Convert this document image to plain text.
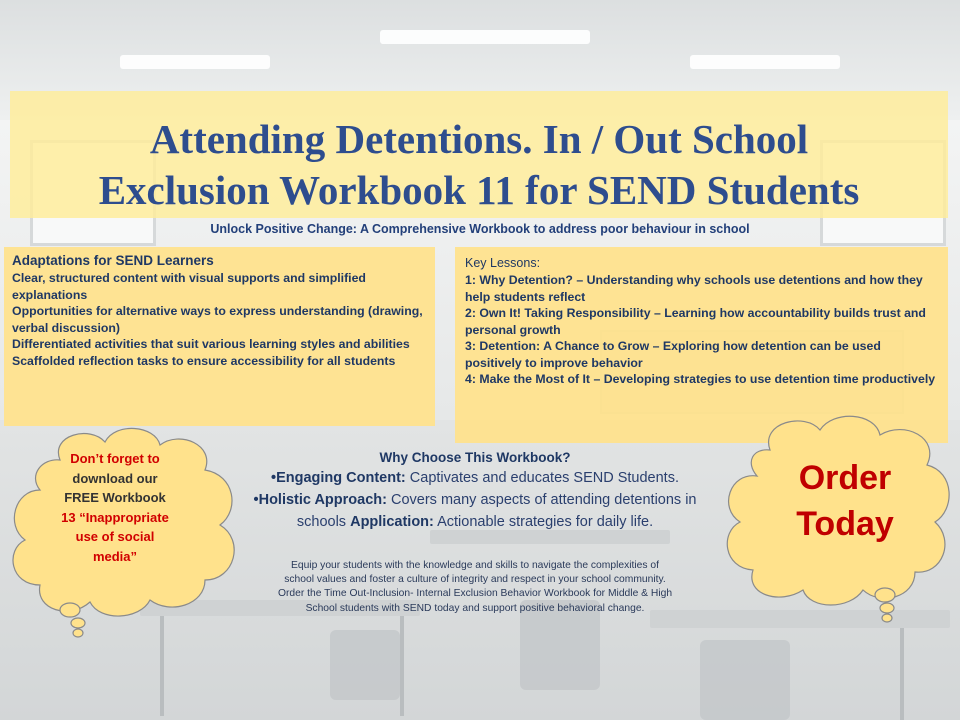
Attending Detentions. In / Out School
Exclusion Workbook 11 for SEND Students
Unlock Positive Change: A Comprehensive Workbook to address poor behaviour in school
Adaptations for SEND Learners
Clear, structured content with visual supports and simplified explanations
Opportunities for alternative ways to express understanding (drawing, verbal discussion)
Differentiated activities that suit various learning styles and abilities
Scaffolded reflection tasks to ensure accessibility for all students
Key Lessons:
1: Why Detention? – Understanding why schools use detentions and how they help students reflect
2: Own It! Taking Responsibility – Learning how accountability builds trust and personal growth
3: Detention: A Chance to Grow – Exploring how detention can be used positively to improve behavior
4: Make the Most of It – Developing strategies to use detention time productively
Don’t forget to
download our
FREE Workbook
13 “Inappropriate
use of social
media”
Order
Today
Why Choose This Workbook?
•Engaging Content: Captivates and educates SEND Students.
•Holistic Approach: Covers many aspects of attending detentions in
schools Application: Actionable strategies for daily life.
Equip your students with the knowledge and skills to navigate the complexities of
school values and foster a culture of integrity and respect in your school community.
Order the Time Out-Inclusion- Internal Exclusion Behavior Workbook for Middle & High
School students with SEND today and support positive behavioral change.
